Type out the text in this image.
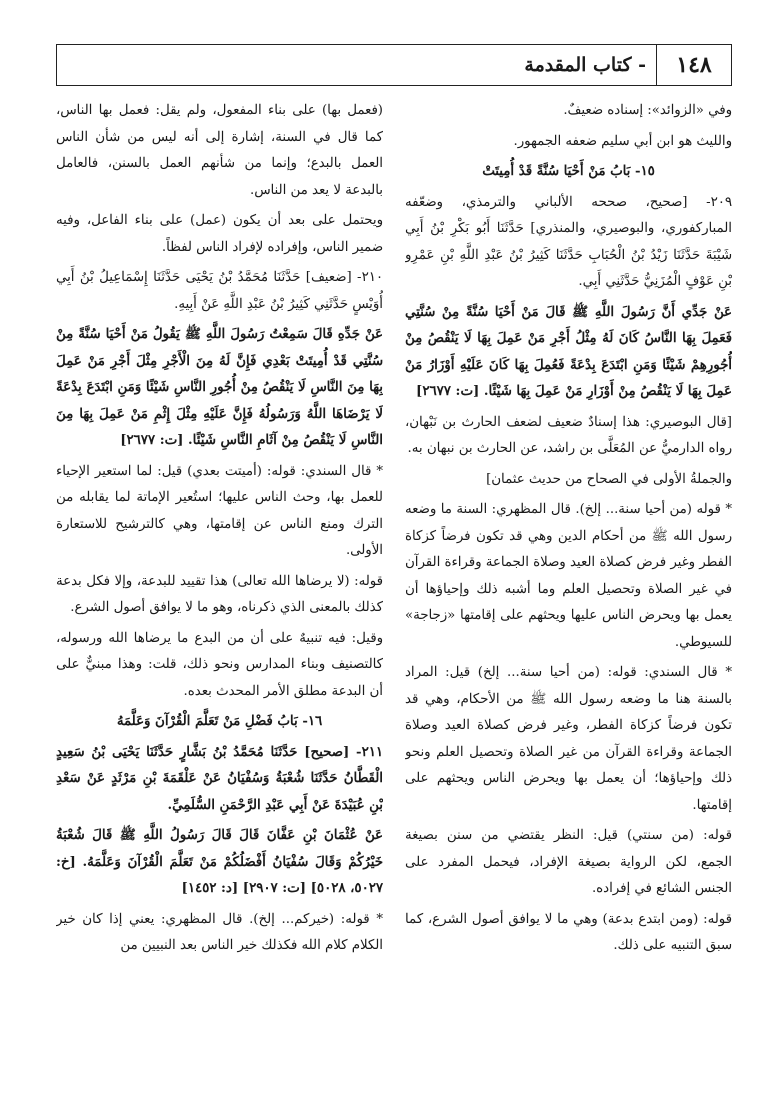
١٤٨
- كتاب المقدمة

وفي «الزوائد»: إسناده ضعيفٌ.

والليث هو ابن أبي سليم ضعفه الجمهور.

١٥- بَابُ مَنْ أَحْيَا سُنَّةً قَدْ أُمِيتَتْ

٢٠٩- [صحيح، صححه الألباني والترمذي، وضعّفه المباركفوري، والبوصيري، والمنذري] حَدَّثَنَا أَبُو بَكْرِ بْنُ أَبِي شَيْبَةَ حَدَّثَنَا زَيْدُ بْنُ الْحُبَابِ حَدَّثَنَا كَثِيرُ بْنُ عَبْدِ اللَّهِ بْنِ عَمْرِو بْنِ عَوْفٍ الْمُزَنِيُّ حَدَّثَنِي أَبِي.

عَنْ جَدِّي أَنَّ رَسُولَ اللَّهِ ﷺ قَالَ مَنْ أَحْيَا سُنَّةً مِنْ سُنَّتِي فَعَمِلَ بِهَا النَّاسُ كَانَ لَهُ مِثْلُ أَجْرِ مَنْ عَمِلَ بِهَا لَا يَنْقُصُ مِنْ أُجُورِهِمْ شَيْئًا وَمَنِ ابْتَدَعَ بِدْعَةً فَعُمِلَ بِهَا كَانَ عَلَيْهِ أَوْزَارُ مَنْ عَمِلَ بِهَا لَا يَنْقُصُ مِنْ أَوْزَارِ مَنْ عَمِلَ بِهَا شَيْئًا. [ت: ٢٦٧٧]

[قال البوصيري: هذا إسنادٌ ضعيف لضعف الحارث بن نَبْهان، رواه الدارميُّ عن المُعَلَّى بن راشد، عن الحارث بن نبهان به.

والجملةُ الأولى في الصحاح من حديث عثمان]

* قوله (من أحيا سنة... إلخ). قال المظهري: السنة ما وضعه رسول الله ﷺ من أحكام الدين وهي قد تكون فرضاً كزكاة الفطر وغير فرض كصلاة العيد وصلاة الجماعة وقراءة القرآن في غير الصلاة وتحصيل العلم وما أشبه ذلك وإحياؤها أن يعمل بها ويحرض الناس عليها ويحثهم على إقامتها «زجاجة» للسيوطي.

* قال السندي: قوله: (من أحيا سنة... إلخ) قيل: المراد بالسنة هنا ما وضعه رسول الله ﷺ من الأحكام، وهي قد تكون فرضاً كزكاة الفطر، وغير فرض كصلاة العيد وصلاة الجماعة وقراءة القرآن من غير الصلاة وتحصيل العلم ونحو ذلك وإحياؤها؛ أن يعمل بها ويحرض الناس ويحثهم على إقامتها.

قوله: (من سنتي) قيل: النظر يقتضي من سنن بصيغة الجمع، لكن الرواية بصيغة الإفراد، فيحمل المفرد على الجنس الشائع في إفراده.

قوله: (ومن ابتدع بدعة) وهي ما لا يوافق أصول الشرع، كما سبق التنبيه على ذلك.

(فعمل بها) على بناء المفعول، ولم يقل: فعمل بها الناس، كما قال في السنة، إشارة إلى أنه ليس من شأن الناس العمل بالبدع؛ وإنما من شأنهم العمل بالسنن، فالعامل بالبدعة لا يعد من الناس.

ويحتمل على بعد أن يكون (عمل) على بناء الفاعل، وفيه ضمير الناس، وإفراده لإفراد الناس لفظاً.

٢١٠- [ضعيف] حَدَّثَنَا مُحَمَّدُ بْنُ يَحْيَى حَدَّثَنَا إِسْمَاعِيلُ بْنُ أَبِي أُوَيْسٍ حَدَّثَنِي كَثِيرُ بْنُ عَبْدِ اللَّهِ عَنْ أَبِيهِ.

عَنْ جَدِّهِ قَالَ سَمِعْتُ رَسُولَ اللَّهِ ﷺ يَقُولُ مَنْ أَحْيَا سُنَّةً مِنْ سُنَّتِي قَدْ أُمِيتَتْ بَعْدِي فَإِنَّ لَهُ مِنَ الْأَجْرِ مِثْلَ أَجْرِ مَنْ عَمِلَ بِهَا مِنَ النَّاسِ لَا يَنْقُصُ مِنْ أُجُورِ النَّاسِ شَيْئًا وَمَنِ ابْتَدَعَ بِدْعَةً لَا يَرْضَاهَا اللَّهُ وَرَسُولُهُ فَإِنَّ عَلَيْهِ مِثْلَ إِثْمِ مَنْ عَمِلَ بِهَا مِنَ النَّاسِ لَا يَنْقُصُ مِنْ آثَامِ النَّاسِ شَيْئًا. [ت: ٢٦٧٧]

* قال السندي: قوله: (أميتت بعدي) قيل: لما استعير الإحياء للعمل بها، وحث الناس عليها؛ استُعير الإماتة لما يقابله من الترك ومنع الناس عن إقامتها، وهي كالترشيح للاستعارة الأولى.

قوله: (لا يرضاها الله تعالى) هذا تقييد للبدعة، وإلا فكل بدعة كذلك بالمعنى الذي ذكرناه، وهو ما لا يوافق أصول الشرع.

وقيل: فيه تنبيهٌ على أن من البدع ما يرضاها الله ورسوله، كالتصنيف وبناء المدارس ونحو ذلك، قلت: وهذا مبنيٌّ على أن البدعة مطلق الأمر المحدث بعده.

١٦- بَابُ فَضْلِ مَنْ تَعَلَّمَ الْقُرْآنَ وَعَلَّمَهُ

٢١١- [صحيح] حَدَّثَنَا مُحَمَّدُ بْنُ بَشَّارٍ حَدَّثَنَا يَحْيَى بْنُ سَعِيدٍ الْقَطَّانُ حَدَّثَنَا شُعْبَةُ وَسُفْيَانُ عَنْ عَلْقَمَةَ بْنِ مَرْثَدٍ عَنْ سَعْدِ بْنِ عُبَيْدَةَ عَنْ أَبِي عَبْدِ الرَّحْمَنِ السُّلَمِيِّ.

عَنْ عُثْمَانَ بْنِ عَفَّانَ قَالَ قَالَ رَسُولُ اللَّهِ ﷺ قَالَ شُعْبَةُ خَيْرُكُمْ وَقَالَ سُفْيَانُ أَفْضَلُكُمْ مَنْ تَعَلَّمَ الْقُرْآنَ وَعَلَّمَهُ. [خ: ٥٠٢٧، ٥٠٢٨] [ت: ٢٩٠٧] [د: ١٤٥٢]

* قوله: (خيركم... إلخ). قال المظهري: يعني إذا كان خير الكلام كلام الله فكذلك خير الناس بعد النبيين من
